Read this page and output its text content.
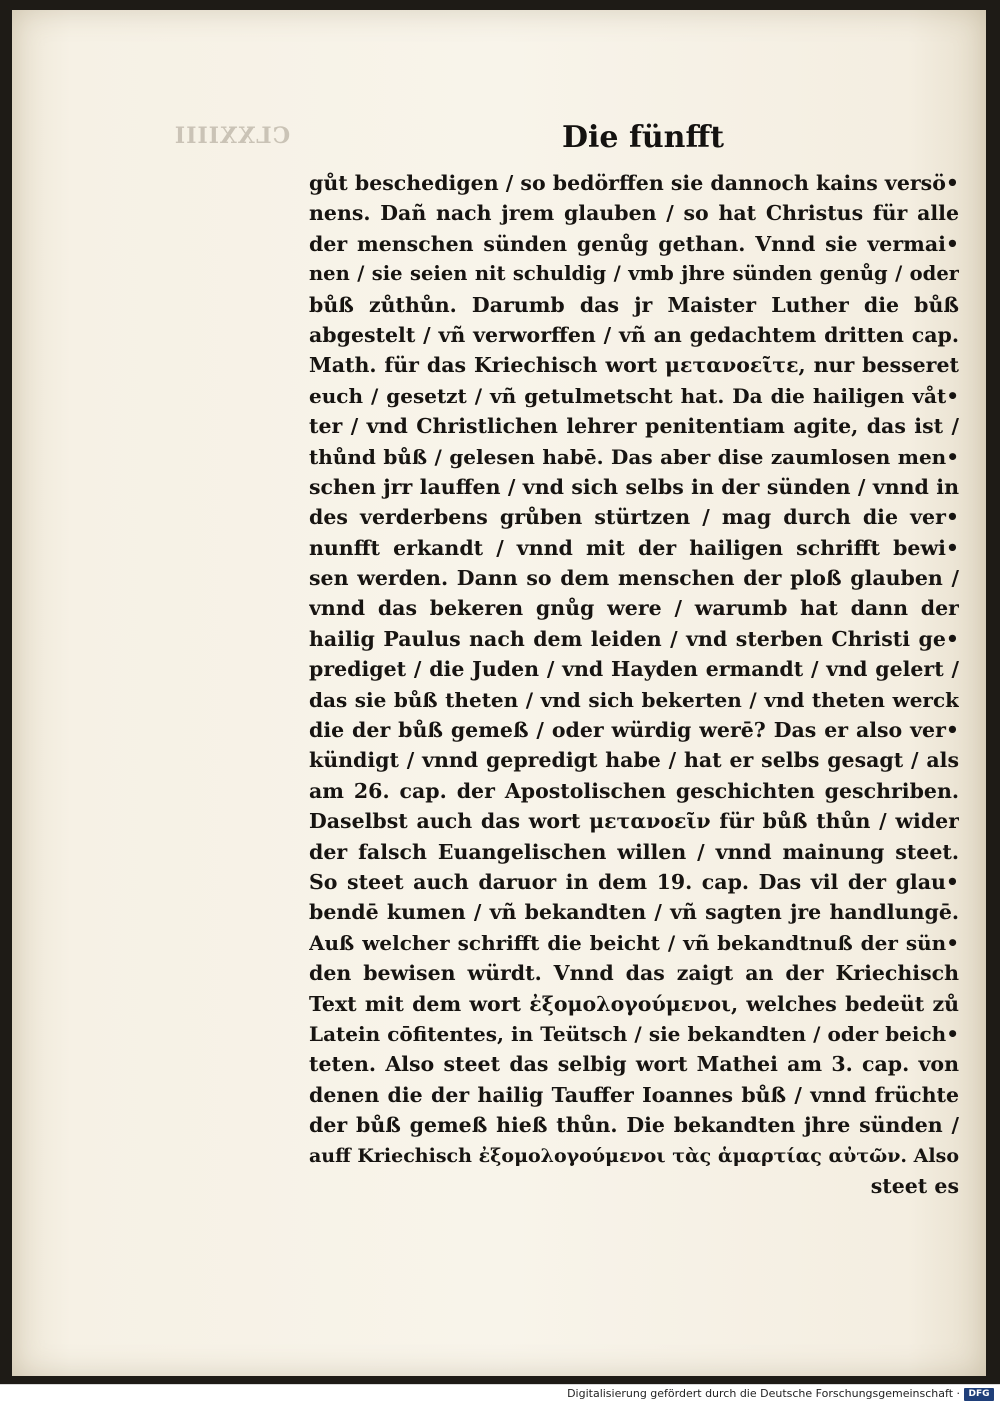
CLXXIIII	Die fünfft
gůt beschedigen / so bedörffen sie dannoch kains versö•
nens. Dañ nach jrem glauben / so hat Christus für alle
der menschen sünden genůg gethan. Vnnd sie vermai•
nen / sie seien nit schuldig / vmb jhre sünden genůg / oder
bůß zůthůn. Darumb das jr Maister Luther die bůß
abgestelt / vñ verworffen / vñ an gedachtem dritten cap.
Math. für das Kriechisch wort μετανοεῖτε, nur besseret
euch / gesetzt / vñ getulmetscht hat. Da die hailigen våt•
ter / vnd Christlichen lehrer penitentiam agite, das ist /
thůnd bůß / gelesen habē. Das aber dise zaumlosen men•
schen jrr lauffen / vnd sich selbs in der sünden / vnnd in
des verderbens grůben stürtzen / mag durch die ver•
nunfft erkandt / vnnd mit der hailigen schrifft bewi•
sen werden. Dann so dem menschen der ploß glauben /
vnnd das bekeren gnůg were / warumb hat dann der
hailig Paulus nach dem leiden / vnd sterben Christi ge•
prediget / die Juden / vnd Hayden ermandt / vnd gelert /
das sie bůß theten / vnd sich bekerten / vnd theten werck
die der bůß gemeß / oder würdig werē? Das er also ver•
kündigt / vnnd gepredigt habe / hat er selbs gesagt / als
am 26. cap. der Apostolischen geschichten geschriben.
Daselbst auch das wort μετανοεῖν für bůß thůn / wider
der falsch Euangelischen willen / vnnd mainung steet.
So steet auch daruor in dem 19. cap. Das vil der glau•
bendē kumen / vñ bekandten / vñ sagten jre handlungē.
Auß welcher schrifft die beicht / vñ bekandtnuß der sün•
den bewisen würdt. Vnnd das zaigt an der Kriechisch
Text mit dem wort ἐξομολογούμενοι, welches bedeüt zů
Latein cōfitentes, in Teütsch / sie bekandten / oder beich•
teten. Also steet das selbig wort Mathei am 3. cap. von
denen die der hailig Tauffer Ioannes bůß / vnnd früchte
der bůß gemeß hieß thůn. Die bekandten jhre sünden /
auff Kriechisch ἐξομολογούμενοι τὰς ἁμαρτίας αὐτῶν. Also
steet es
Digitalisierung gefördert durch die Deutsche Forschungsgemeinschaft · DFG
